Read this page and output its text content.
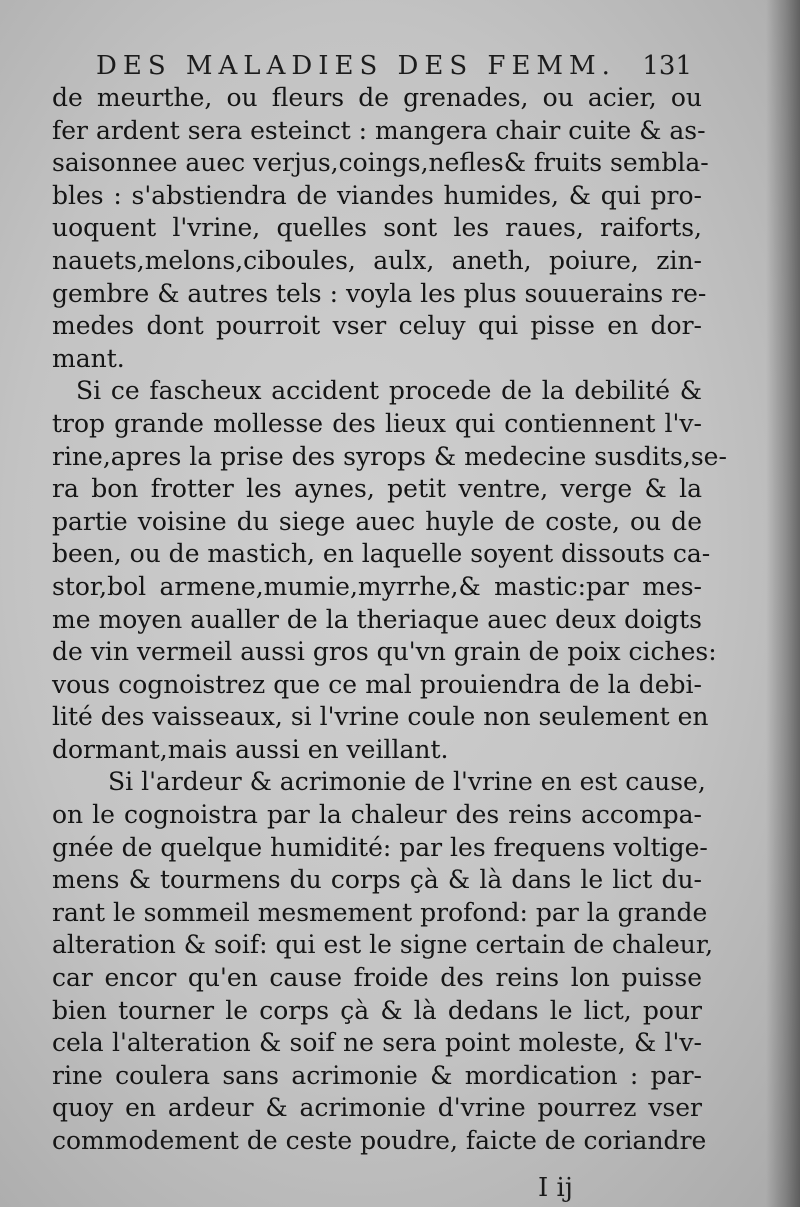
DES MALADIES DES FEMM. 131
de meurthe, ou fleurs de grenades, ou acier, ou
fer ardent sera esteinct : mangera chair cuite & as-
saisonnee auec verjus,coings,nefles& fruits sembla-
bles : s'abstiendra de viandes humides, & qui pro-
uoquent l'vrine, quelles sont les raues, raiforts,
nauets,melons,ciboules, aulx, aneth, poiure, zin-
gembre & autres tels : voyla les plus souuerains re-
medes dont pourroit vser celuy qui pisse en dor-
mant.
Si ce fascheux accident procede de la debilité &
trop grande mollesse des lieux qui contiennent l'v-
rine,apres la prise des syrops & medecine susdits,se-
ra bon frotter les aynes, petit ventre, verge & la
partie voisine du siege auec huyle de coste, ou de
been, ou de mastich, en laquelle soyent dissouts ca-
stor,bol armene,mumie,myrrhe,& mastic:par mes-
me moyen aualler de la theriaque auec deux doigts
de vin vermeil aussi gros qu'vn grain de poix ciches:
vous cognoistrez que ce mal prouiendra de la debi-
lité des vaisseaux, si l'vrine coule non seulement en
dormant,mais aussi en veillant.
Si l'ardeur & acrimonie de l'vrine en est cause,
on le cognoistra par la chaleur des reins accompa-
gnée de quelque humidité: par les frequens voltige-
mens & tourmens du corps çà & là dans le lict du-
rant le sommeil mesmement profond: par la grande
alteration & soif: qui est le signe certain de chaleur,
car encor qu'en cause froide des reins lon puisse
bien tourner le corps çà & là dedans le lict, pour
cela l'alteration & soif ne sera point moleste, & l'v-
rine coulera sans acrimonie & mordication : par-
quoy en ardeur & acrimonie d'vrine pourrez vser
commodement de ceste poudre, faicte de coriandre
I ij
